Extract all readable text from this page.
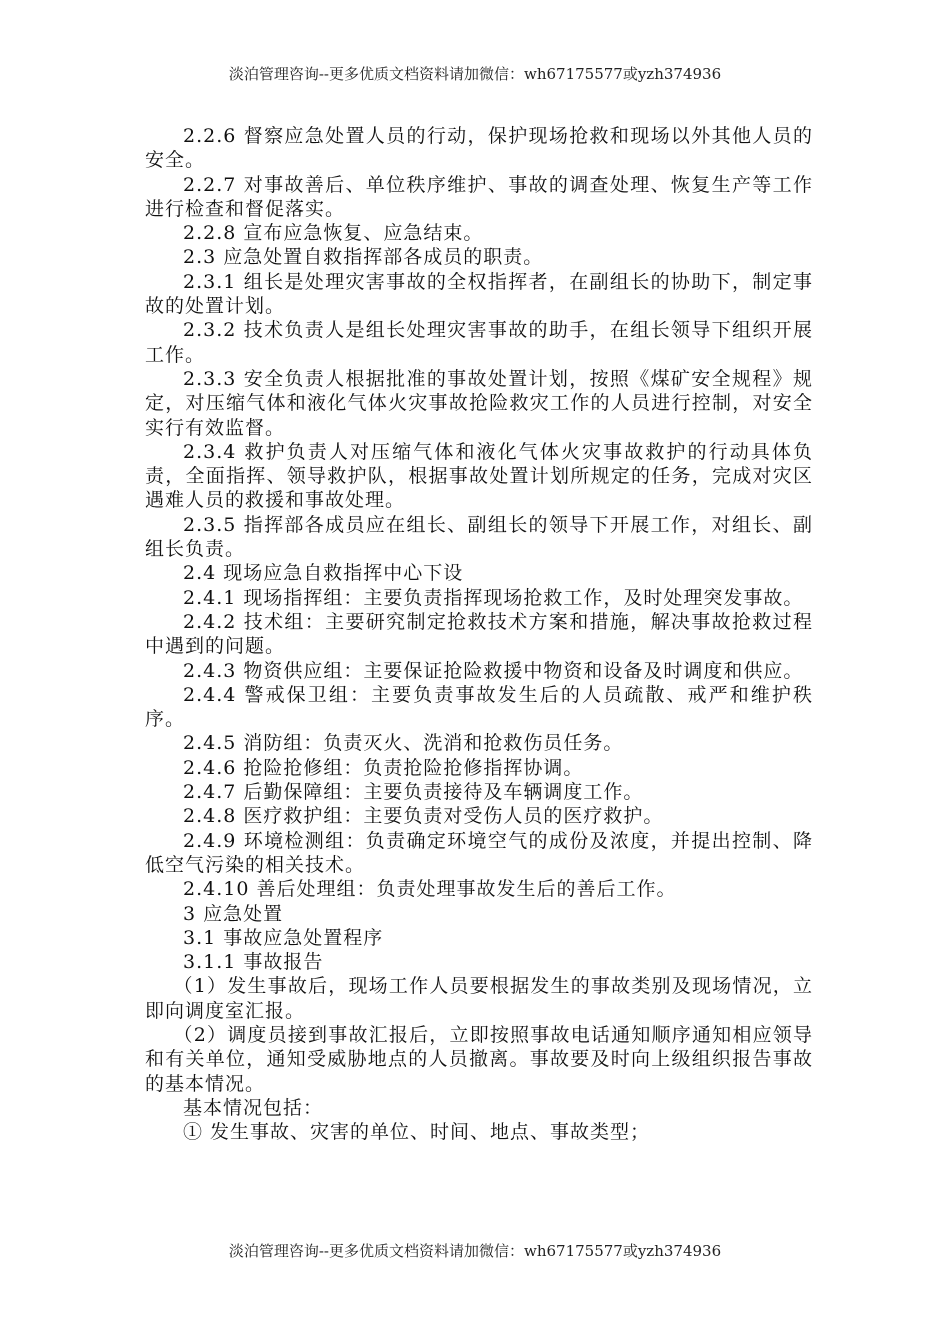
淡泊管理咨询--更多优质文档资料请加微信：wh67175577或yzh374936

2.2.6 督察应急处置人员的行动，保护现场抢救和现场以外其他人员的安全。

2.2.7 对事故善后、单位秩序维护、事故的调查处理、恢复生产等工作进行检查和督促落实。

2.2.8 宣布应急恢复、应急结束。

2.3 应急处置自救指挥部各成员的职责。

2.3.1 组长是处理灾害事故的全权指挥者，在副组长的协助下，制定事故的处置计划。

2.3.2 技术负责人是组长处理灾害事故的助手，在组长领导下组织开展工作。

2.3.3 安全负责人根据批准的事故处置计划，按照《煤矿安全规程》规定，对压缩气体和液化气体火灾事故抢险救灾工作的人员进行控制，对安全实行有效监督。

2.3.4 救护负责人对压缩气体和液化气体火灾事故救护的行动具体负责，全面指挥、领导救护队，根据事故处置计划所规定的任务，完成对灾区遇难人员的救援和事故处理。

2.3.5 指挥部各成员应在组长、副组长的领导下开展工作，对组长、副组长负责。

2.4 现场应急自救指挥中心下设

2.4.1 现场指挥组：主要负责指挥现场抢救工作，及时处理突发事故。

2.4.2 技术组：主要研究制定抢救技术方案和措施，解决事故抢救过程中遇到的问题。

2.4.3 物资供应组：主要保证抢险救援中物资和设备及时调度和供应。

2.4.4 警戒保卫组：主要负责事故发生后的人员疏散、戒严和维护秩序。

2.4.5 消防组：负责灭火、洗消和抢救伤员任务。

2.4.6 抢险抢修组：负责抢险抢修指挥协调。

2.4.7 后勤保障组：主要负责接待及车辆调度工作。

2.4.8 医疗救护组：主要负责对受伤人员的医疗救护。

2.4.9 环境检测组：负责确定环境空气的成份及浓度，并提出控制、降低空气污染的相关技术。

2.4.10 善后处理组：负责处理事故发生后的善后工作。

3 应急处置

3.1 事故应急处置程序

3.1.1 事故报告

（1）发生事故后，现场工作人员要根据发生的事故类别及现场情况，立即向调度室汇报。

（2）调度员接到事故汇报后，立即按照事故电话通知顺序通知相应领导和有关单位，通知受威胁地点的人员撤离。事故要及时向上级组织报告事故的基本情况。

基本情况包括：

① 发生事故、灾害的单位、时间、地点、事故类型；

淡泊管理咨询--更多优质文档资料请加微信：wh67175577或yzh374936
